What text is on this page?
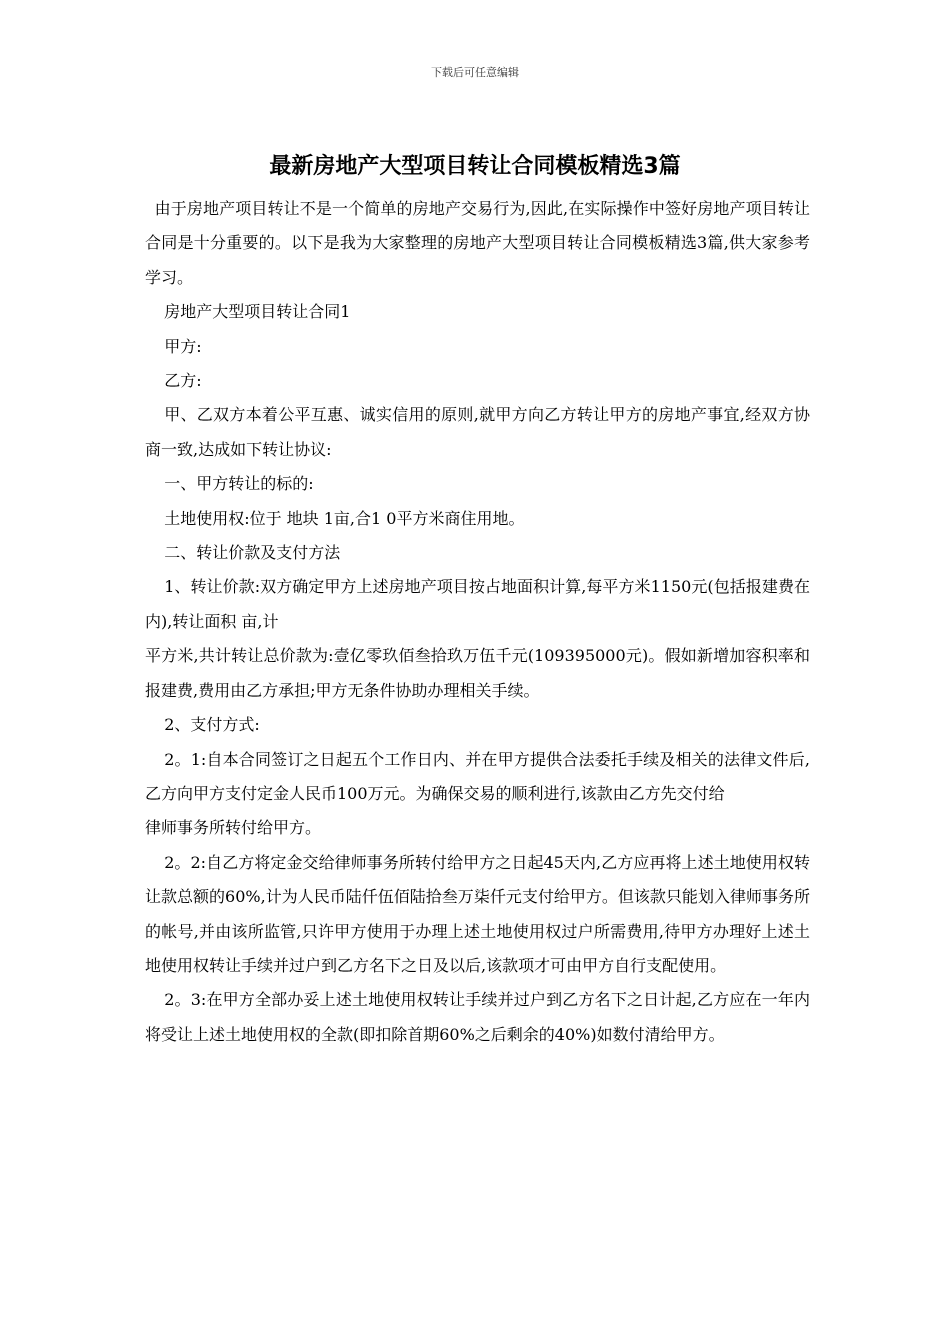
下载后可任意编辑
最新房地产大型项目转让合同模板精选3篇

由于房地产项目转让不是一个简单的房地产交易行为,因此,在实际操作中签好房地产项目转让合同是十分重要的。以下是我为大家整理的房地产大型项目转让合同模板精选3篇,供大家参考学习。

房地产大型项目转让合同1

甲方:

乙方:

甲、乙双方本着公平互惠、诚实信用的原则,就甲方向乙方转让甲方的房地产事宜,经双方协商一致,达成如下转让协议:

一、甲方转让的标的:

土地使用权:位于 地块 1亩,合1 0平方米商住用地。

二、转让价款及支付方法

1、转让价款:双方确定甲方上述房地产项目按占地面积计算,每平方米1150元(包括报建费在内),转让面积 亩,计

平方米,共计转让总价款为:壹亿零玖佰叁拾玖万伍千元(109395000元)。假如新增加容积率和报建费,费用由乙方承担;甲方无条件协助办理相关手续。

2、支付方式:

2。1:自本合同签订之日起五个工作日内、并在甲方提供合法委托手续及相关的法律文件后,乙方向甲方支付定金人民币100万元。为确保交易的顺利进行,该款由乙方先交付给

律师事务所转付给甲方。

2。2:自乙方将定金交给律师事务所转付给甲方之日起45天内,乙方应再将上述土地使用权转让款总额的60%,计为人民币陆仟伍佰陆拾叁万柒仟元支付给甲方。但该款只能划入律师事务所的帐号,并由该所监管,只许甲方使用于办理上述土地使用权过户所需费用,待甲方办理好上述土地使用权转让手续并过户到乙方名下之日及以后,该款项才可由甲方自行支配使用。

2。3:在甲方全部办妥上述土地使用权转让手续并过户到乙方名下之日计起,乙方应在一年内将受让上述土地使用权的全款(即扣除首期60%之后剩余的40%)如数付清给甲方。
